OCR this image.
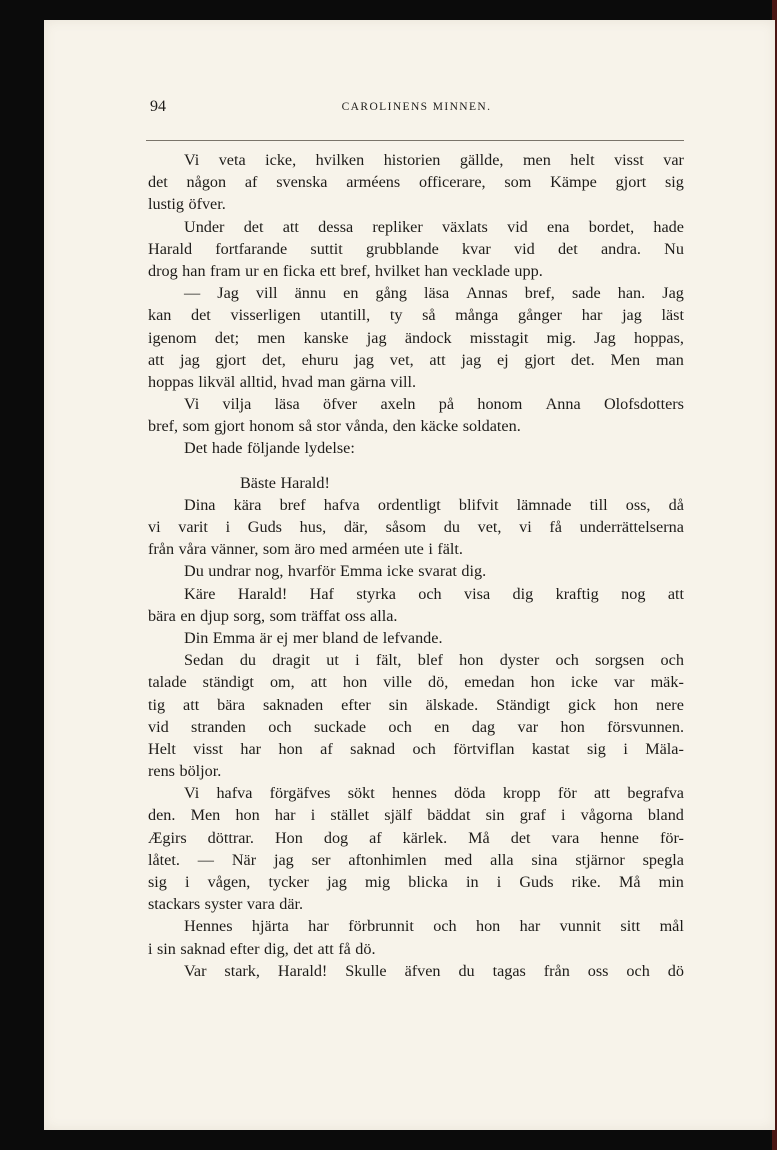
94	CAROLINENS MINNEN.
Vi veta icke, hvilken historien gällde, men helt visst var
det någon af svenska arméens officerare, som Kämpe gjort sig
lustig öfver.
Under det att dessa repliker växlats vid ena bordet, hade
Harald fortfarande suttit grubblande kvar vid det andra. Nu
drog han fram ur en ficka ett bref, hvilket han vecklade upp.
— Jag vill ännu en gång läsa Annas bref, sade han. Jag
kan det visserligen utantill, ty så många gånger har jag läst
igenom det; men kanske jag ändock misstagit mig. Jag hoppas,
att jag gjort det, ehuru jag vet, att jag ej gjort det. Men man
hoppas likväl alltid, hvad man gärna vill.
Vi vilja läsa öfver axeln på honom Anna Olofsdotters
bref, som gjort honom så stor vånda, den käcke soldaten.
Det hade följande lydelse:
Bäste Harald!
Dina kära bref hafva ordentligt blifvit lämnade till oss, då
vi varit i Guds hus, där, såsom du vet, vi få underrättelserna
från våra vänner, som äro med arméen ute i fält.
Du undrar nog, hvarför Emma icke svarat dig.
Käre Harald! Haf styrka och visa dig kraftig nog att
bära en djup sorg, som träffat oss alla.
Din Emma är ej mer bland de lefvande.
Sedan du dragit ut i fält, blef hon dyster och sorgsen och
talade ständigt om, att hon ville dö, emedan hon icke var mäk-
tig att bära saknaden efter sin älskade. Ständigt gick hon nere
vid stranden och suckade och en dag var hon försvunnen.
Helt visst har hon af saknad och förtviflan kastat sig i Mäla-
rens böljor.
Vi hafva förgäfves sökt hennes döda kropp för att begrafva
den. Men hon har i stället själf bäddat sin graf i vågorna bland
Ægirs döttrar. Hon dog af kärlek. Må det vara henne för-
låtet. — När jag ser aftonhimlen med alla sina stjärnor spegla
sig i vågen, tycker jag mig blicka in i Guds rike. Må min
stackars syster vara där.
Hennes hjärta har förbrunnit och hon har vunnit sitt mål
i sin saknad efter dig, det att få dö.
Var stark, Harald! Skulle äfven du tagas från oss och dö
